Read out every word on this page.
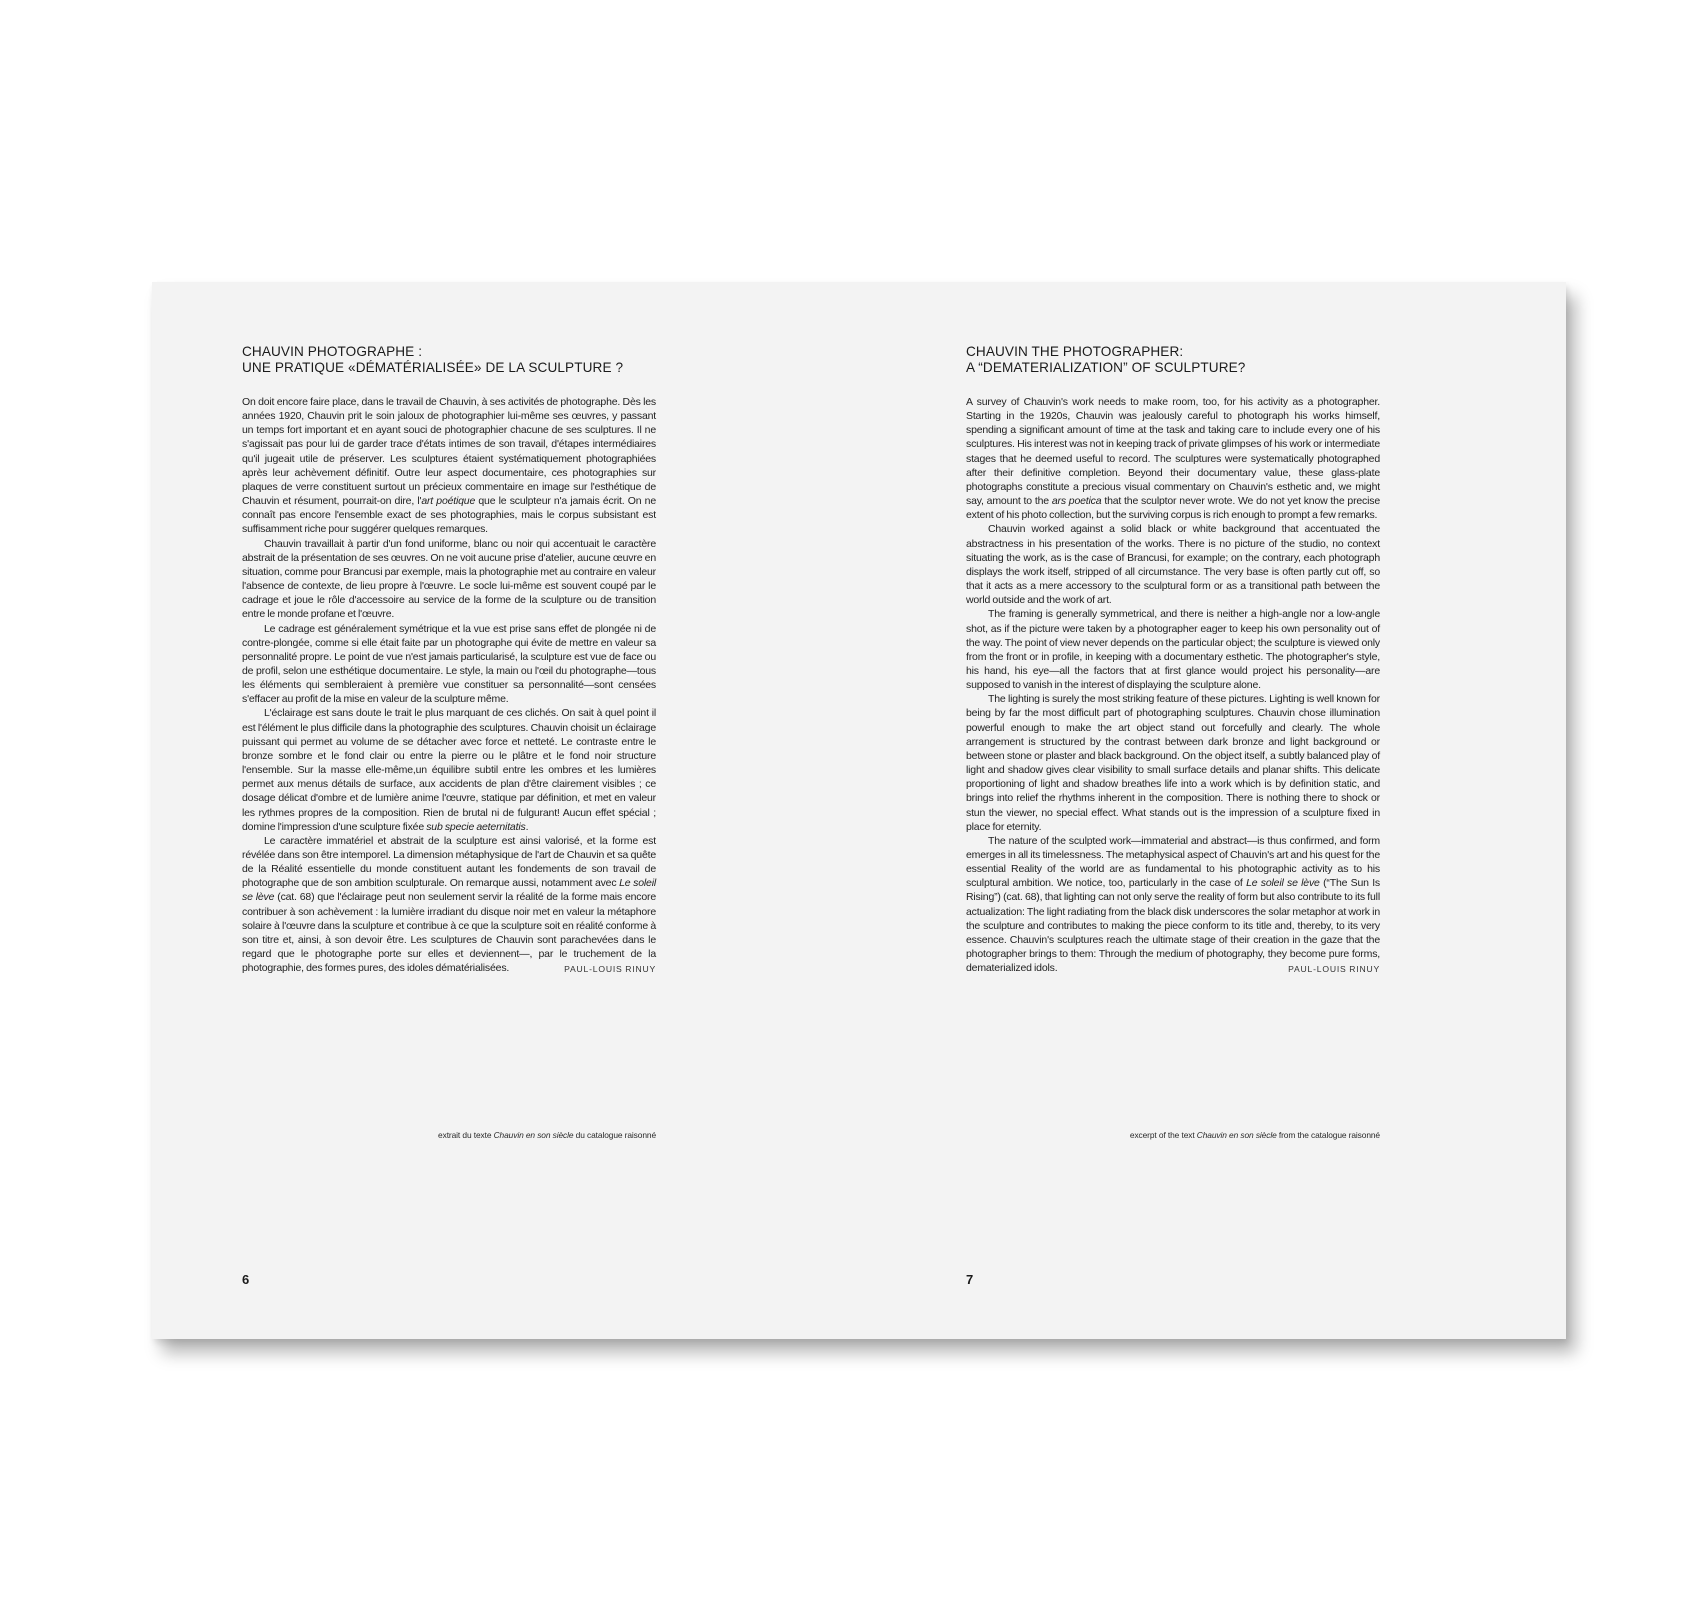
CHAUVIN PHOTOGRAPHE :
UNE PRATIQUE «DÉMATÉRIALISÉE» DE LA SCULPTURE ?

On doit encore faire place, dans le travail de Chauvin, à ses activités de photographe. Dès les années 1920, Chauvin prit le soin jaloux de photographier lui-même ses œuvres, y passant un temps fort important et en ayant souci de photographier chacune de ses sculptures. Il ne s'agissait pas pour lui de garder trace d'états intimes de son travail, d'étapes intermédiaires qu'il jugeait utile de préserver. Les sculptures étaient systématiquement photographiées après leur achèvement définitif. Outre leur aspect documentaire, ces photographies sur plaques de verre constituent surtout un précieux commentaire en image sur l'esthétique de Chauvin et résument, pourrait-on dire, l'art poétique que le sculpteur n'a jamais écrit. On ne connaît pas encore l'ensemble exact de ses photographies, mais le corpus subsistant est suffisamment riche pour suggérer quelques remarques.

Chauvin travaillait à partir d'un fond uniforme, blanc ou noir qui accentuait le caractère abstrait de la présentation de ses œuvres. On ne voit aucune prise d'atelier, aucune œuvre en situation, comme pour Brancusi par exemple, mais la photographie met au contraire en valeur l'absence de contexte, de lieu propre à l'œuvre. Le socle lui-même est souvent coupé par le cadrage et joue le rôle d'accessoire au service de la forme de la sculpture ou de transition entre le monde profane et l'œuvre.

Le cadrage est généralement symétrique et la vue est prise sans effet de plongée ni de contre-plongée, comme si elle était faite par un photographe qui évite de mettre en valeur sa personnalité propre. Le point de vue n'est jamais particularisé, la sculpture est vue de face ou de profil, selon une esthétique documentaire. Le style, la main ou l'œil du photographe—tous les éléments qui sembleraient à première vue constituer sa personnalité—sont censées s'effacer au profit de la mise en valeur de la sculpture même.

L'éclairage est sans doute le trait le plus marquant de ces clichés. On sait à quel point il est l'élément le plus difficile dans la photographie des sculptures. Chauvin choisit un éclairage puissant qui permet au volume de se détacher avec force et netteté. Le contraste entre le bronze sombre et le fond clair ou entre la pierre ou le plâtre et le fond noir structure l'ensemble. Sur la masse elle-même,un équilibre subtil entre les ombres et les lumières permet aux menus détails de surface, aux accidents de plan d'être clairement visibles ; ce dosage délicat d'ombre et de lumière anime l'œuvre, statique par définition, et met en valeur les rythmes propres de la composition. Rien de brutal ni de fulgurant! Aucun effet spécial ; domine l'impression d'une sculpture fixée sub specie aeternitatis.

Le caractère immatériel et abstrait de la sculpture est ainsi valorisé, et la forme est révélée dans son être intemporel. La dimension métaphysique de l'art de Chauvin et sa quête de la Réalité essentielle du monde constituent autant les fondements de son travail de photographe que de son ambition sculpturale. On remarque aussi, notamment avec Le soleil se lève (cat. 68) que l'éclairage peut non seulement servir la réalité de la forme mais encore contribuer à son achèvement : la lumière irradiant du disque noir met en valeur la métaphore solaire à l'œuvre dans la sculpture et contribue à ce que la sculpture soit en réalité conforme à son titre et, ainsi, à son devoir être. Les sculptures de Chauvin sont parachevées dans le regard que le photographe porte sur elles et deviennent—, par le truchement de la photographie, des formes pures, des idoles dématérialisées.	PAUL-LOUIS RINUY

extrait du texte Chauvin en son siècle du catalogue raisonné
6
CHAUVIN THE PHOTOGRAPHER:
A “DEMATERIALIZATION” OF SCULPTURE?

A survey of Chauvin's work needs to make room, too, for his activity as a photographer. Starting in the 1920s, Chauvin was jealously careful to photograph his works himself, spending a significant amount of time at the task and taking care to include every one of his sculptures. His interest was not in keeping track of private glimpses of his work or intermediate stages that he deemed useful to record. The sculptures were systematically photographed after their definitive completion. Beyond their documentary value, these glass-plate photographs constitute a precious visual commentary on Chauvin's esthetic and, we might say, amount to the ars poetica that the sculptor never wrote. We do not yet know the precise extent of his photo collection, but the surviving corpus is rich enough to prompt a few remarks.

Chauvin worked against a solid black or white background that accentuated the abstractness in his presentation of the works. There is no picture of the studio, no context situating the work, as is the case of Brancusi, for example; on the contrary, each photograph displays the work itself, stripped of all circumstance. The very base is often partly cut off, so that it acts as a mere accessory to the sculptural form or as a transitional path between the world outside and the work of art.

The framing is generally symmetrical, and there is neither a high-angle nor a low-angle shot, as if the picture were taken by a photographer eager to keep his own personality out of the way. The point of view never depends on the particular object; the sculpture is viewed only from the front or in profile, in keeping with a documentary esthetic. The photographer's style, his hand, his eye—all the factors that at first glance would project his personality—are supposed to vanish in the interest of displaying the sculpture alone.

The lighting is surely the most striking feature of these pictures. Lighting is well known for being by far the most difficult part of photographing sculptures. Chauvin chose illumination powerful enough to make the art object stand out forcefully and clearly. The whole arrangement is structured by the contrast between dark bronze and light background or between stone or plaster and black background. On the object itself, a subtly balanced play of light and shadow gives clear visibility to small surface details and planar shifts. This delicate proportioning of light and shadow breathes life into a work which is by definition static, and brings into relief the rhythms inherent in the composition. There is nothing there to shock or stun the viewer, no special effect. What stands out is the impression of a sculpture fixed in place for eternity.

The nature of the sculpted work—immaterial and abstract—is thus confirmed, and form emerges in all its timelessness. The metaphysical aspect of Chauvin's art and his quest for the essential Reality of the world are as fundamental to his photographic activity as to his sculptural ambition. We notice, too, particularly in the case of Le soleil se lève (“The Sun Is Rising”) (cat. 68), that lighting can not only serve the reality of form but also contribute to its full actualization: The light radiating from the black disk underscores the solar metaphor at work in the sculpture and contributes to making the piece conform to its title and, thereby, to its very essence. Chauvin's sculptures reach the ultimate stage of their creation in the gaze that the photographer brings to them: Through the medium of photography, they become pure forms, dematerialized idols.	PAUL-LOUIS RINUY

excerpt of the text Chauvin en son siècle from the catalogue raisonné
7
